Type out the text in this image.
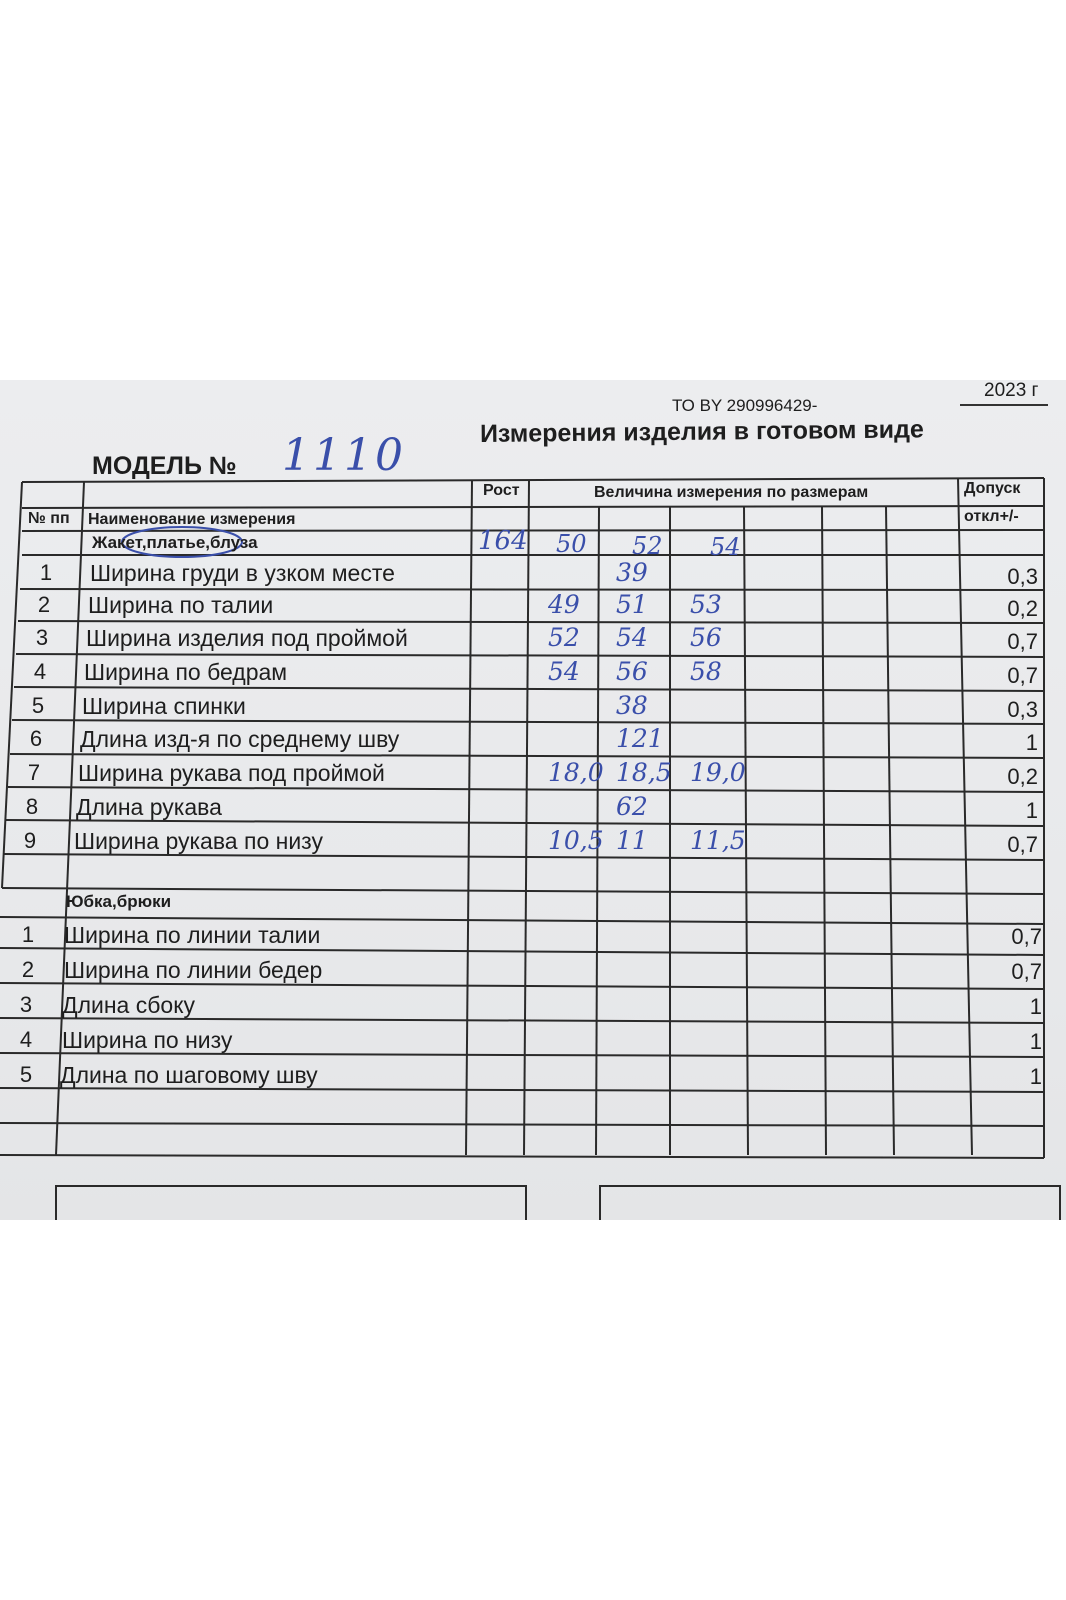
ТО BY 290996429-
2023 г
Измерения изделия в готовом виде
МОДЕЛЬ № 1110
№ пп Наименование измерения
Рост	Величина измерения по размерам	Допуск
откл+/-
Жакет,платье,блуза	164 50 52 54
1	Ширина груди в узком месте	39	0,3
2	Ширина по талии	49 51 53	0,2
3	Ширина изделия под проймой	52 54 56	0,7
4	Ширина по бедрам	54 56 58	0,7
5	Ширина спинки	38	0,3
6	Длина изд-я по среднему шву	121	1
7	Ширина рукава под проймой	18,0 18,5 19,0	0,2
8	Длина рукава	62	1
9	Ширина рукава по низу	10,5 11 11,5	0,7
Юбка,брюки
1	Ширина по линии талии	0,7
2	Ширина по линии бедер	0,7
3	Длина сбоку	1
4	Ширина по низу	1
5	Длина по шаговому шву	1
